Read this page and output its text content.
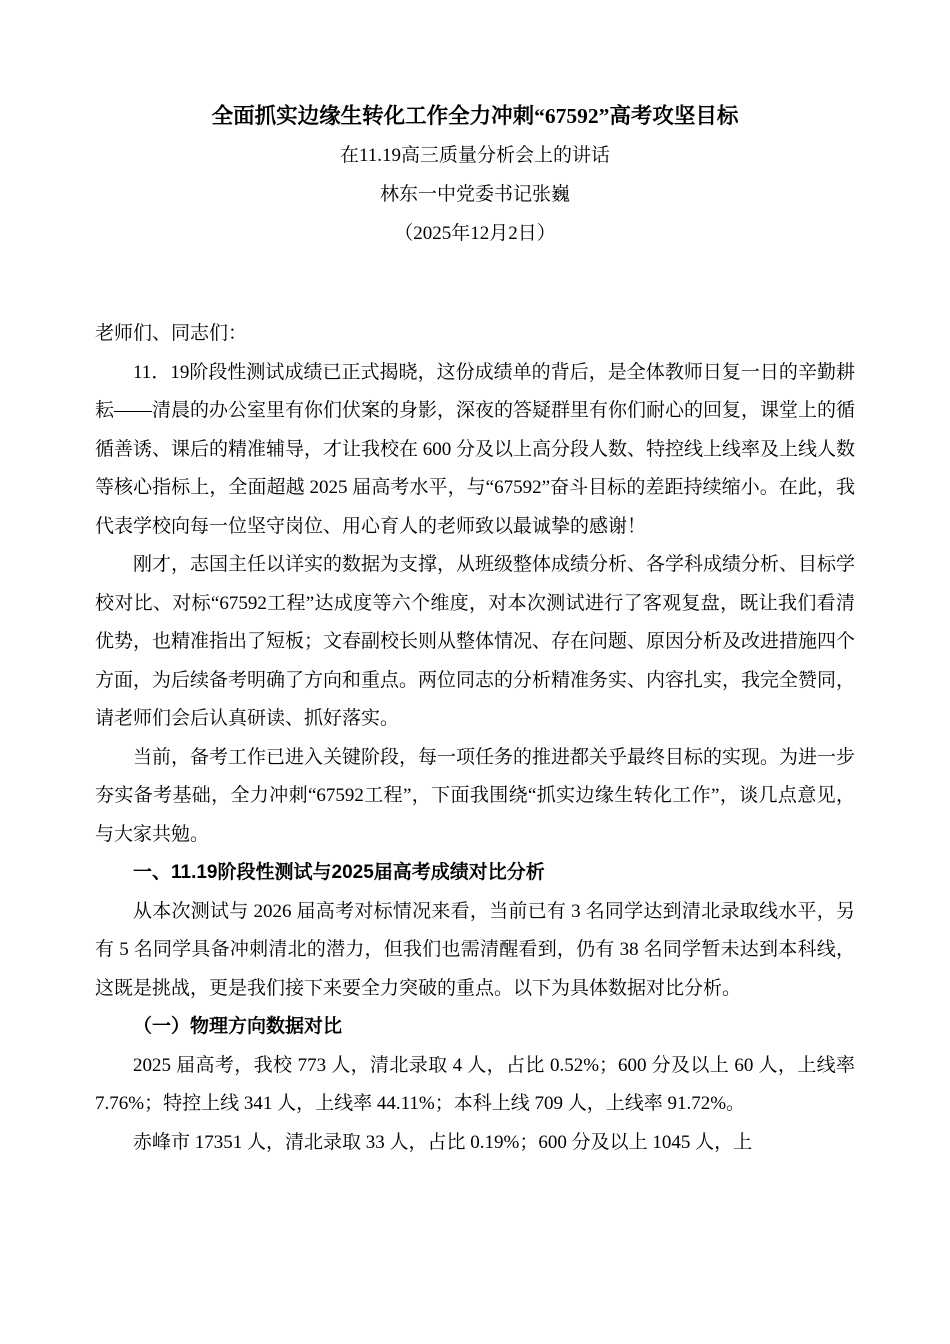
全面抓实边缘生转化工作全力冲刺“67592”高考攻坚目标

在11.19高三质量分析会上的讲话

林东一中党委书记张巍

（2025年12月2日）

老师们、同志们：

11．19阶段性测试成绩已正式揭晓，这份成绩单的背后，是全体教师日复一日的辛勤耕耘——清晨的办公室里有你们伏案的身影，深夜的答疑群里有你们耐心的回复，课堂上的循循善诱、课后的精准辅导，才让我校在 600 分及以上高分段人数、特控线上线率及上线人数等核心指标上，全面超越 2025 届高考水平，与“67592”奋斗目标的差距持续缩小。在此，我代表学校向每一位坚守岗位、用心育人的老师致以最诚挚的感谢！

刚才，志国主任以详实的数据为支撑，从班级整体成绩分析、各学科成绩分析、目标学校对比、对标“67592工程”达成度等六个维度，对本次测试进行了客观复盘，既让我们看清优势，也精准指出了短板；文春副校长则从整体情况、存在问题、原因分析及改进措施四个方面，为后续备考明确了方向和重点。两位同志的分析精准务实、内容扎实，我完全赞同，请老师们会后认真研读、抓好落实。

当前，备考工作已进入关键阶段，每一项任务的推进都关乎最终目标的实现。为进一步夯实备考基础，全力冲刺“67592工程”，下面我围绕“抓实边缘生转化工作”，谈几点意见，与大家共勉。

一、11.19阶段性测试与2025届高考成绩对比分析

从本次测试与 2026 届高考对标情况来看，当前已有 3 名同学达到清北录取线水平，另有 5 名同学具备冲刺清北的潜力，但我们也需清醒看到，仍有 38 名同学暂未达到本科线，这既是挑战，更是我们接下来要全力突破的重点。以下为具体数据对比分析。

（一）物理方向数据对比

2025 届高考，我校 773 人，清北录取 4 人，占比 0.52%；600 分及以上 60 人，上线率 7.76%；特控上线 341 人，上线率 44.11%；本科上线 709 人，上线率 91.72%。

赤峰市 17351 人，清北录取 33 人，占比 0.19%；600 分及以上 1045 人，上
